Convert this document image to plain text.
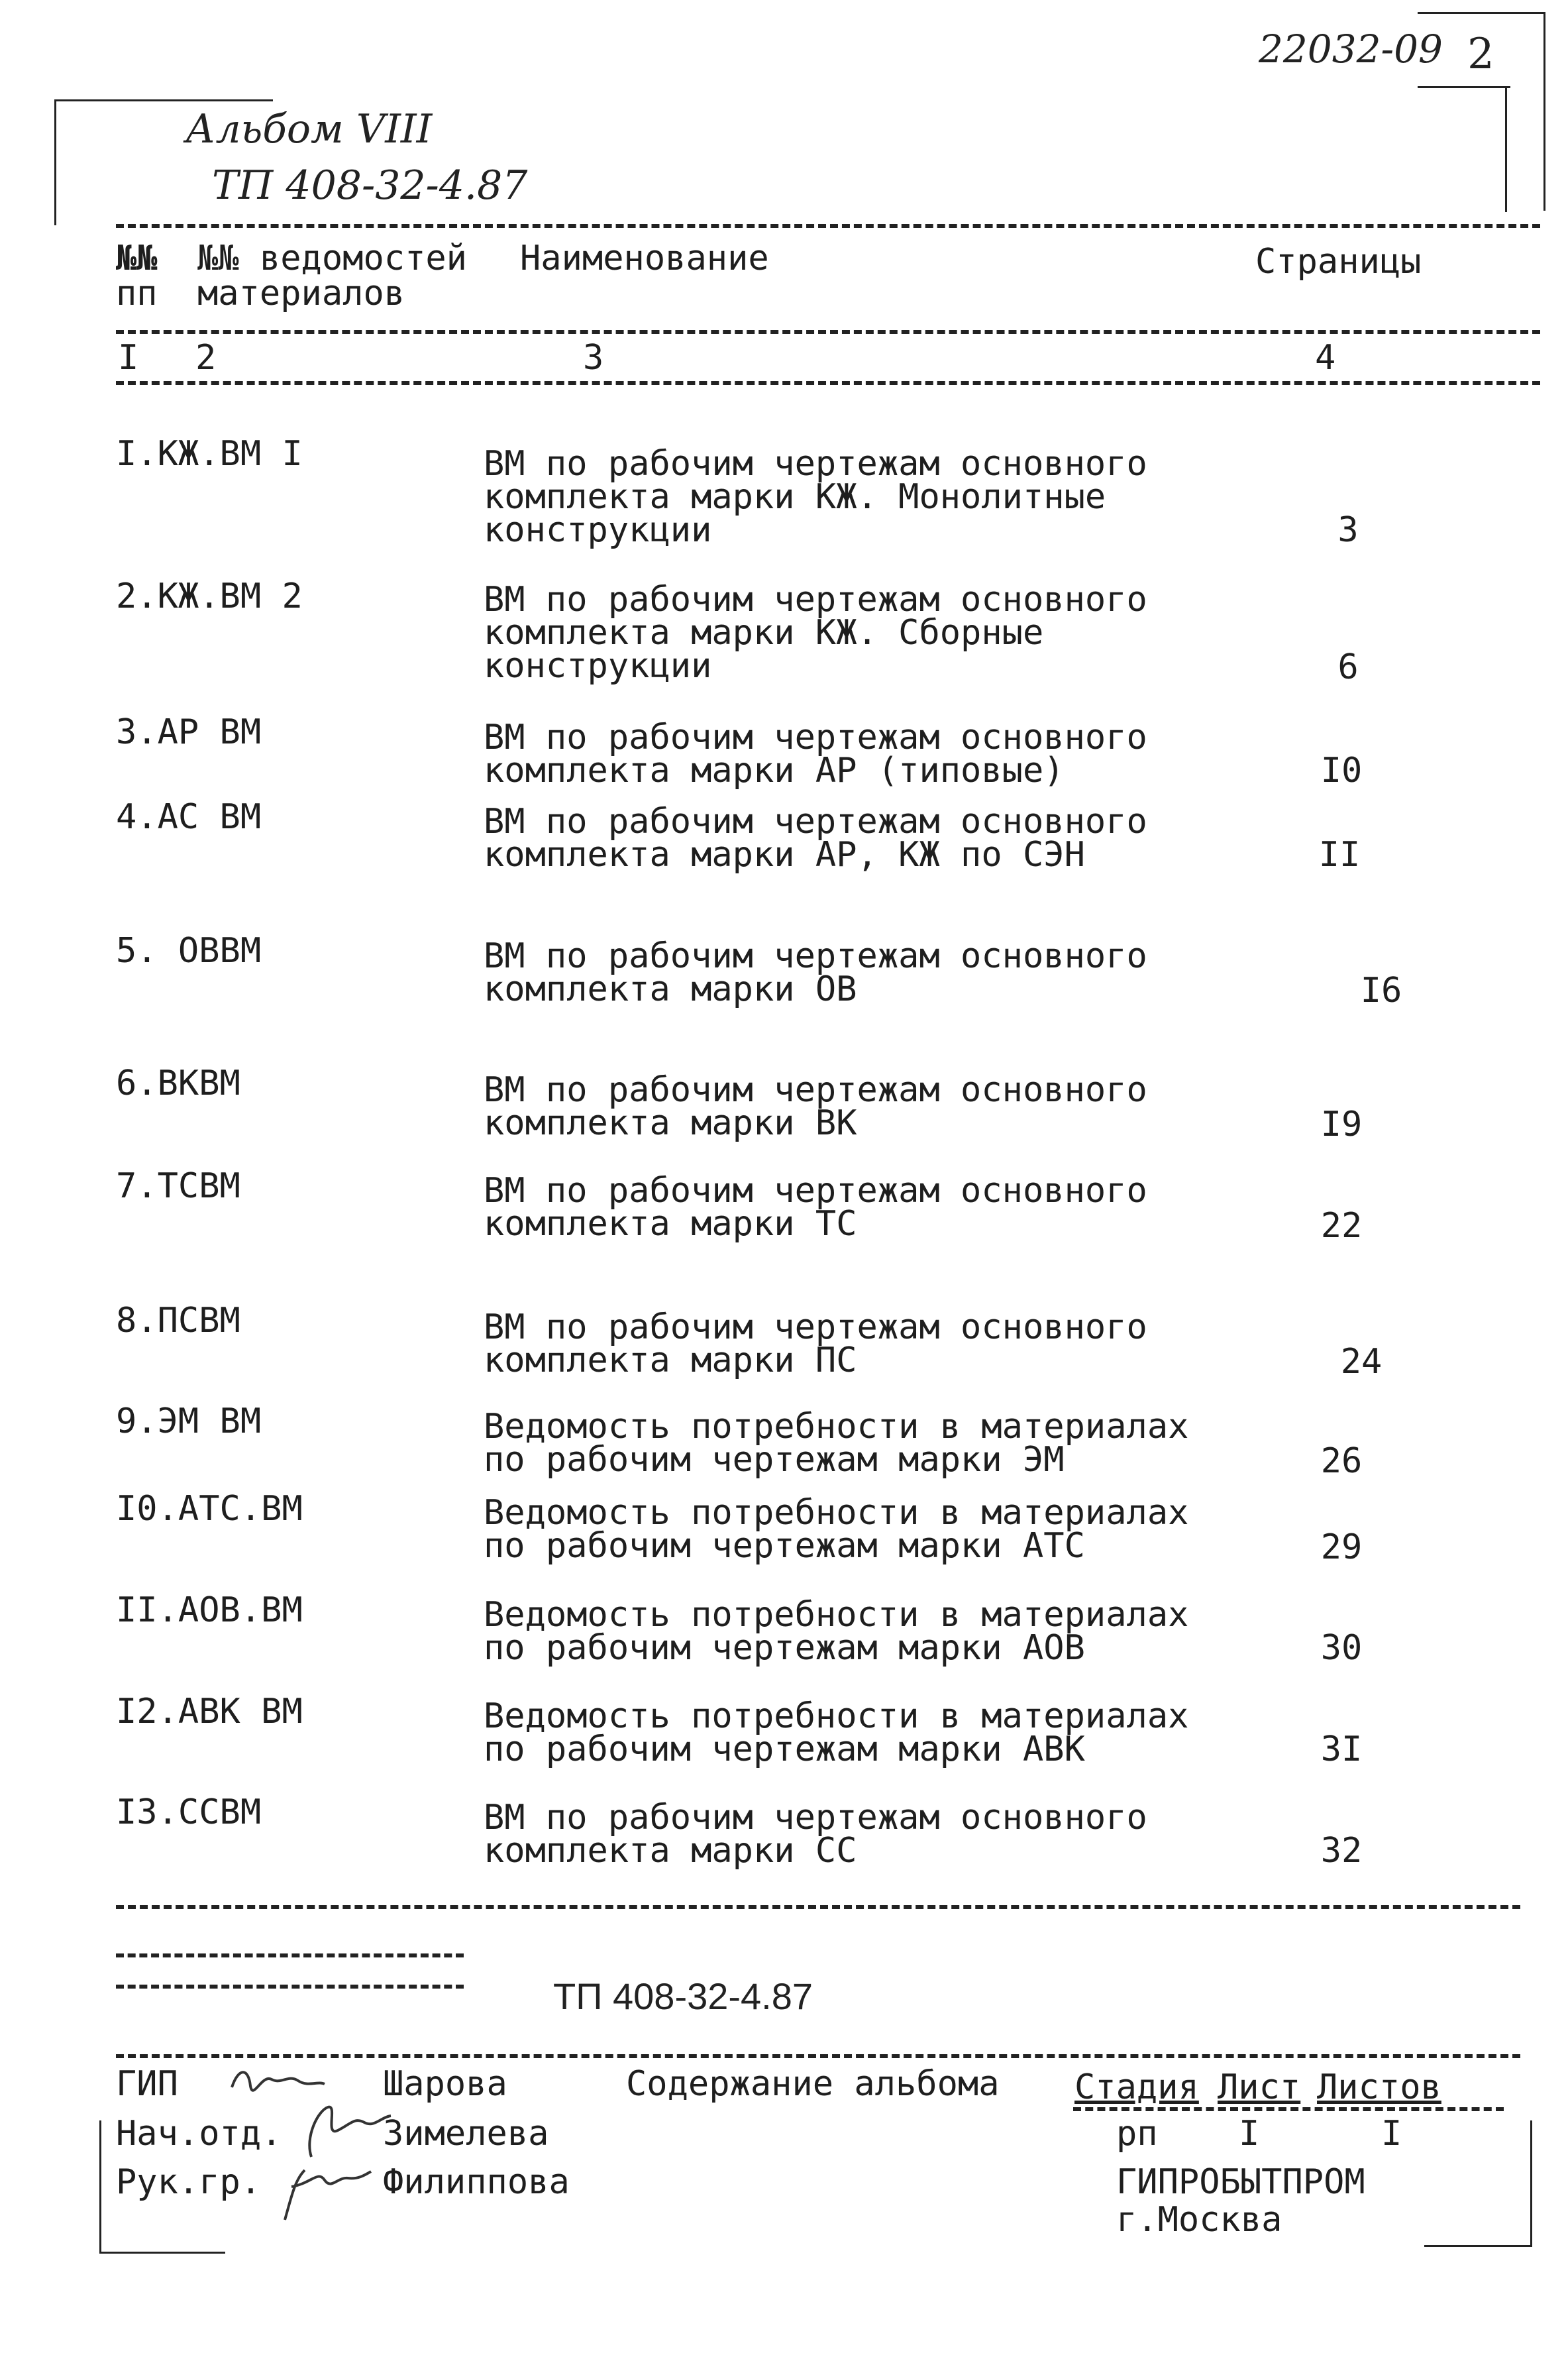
22032-09 2
Альбом VIII
ТП 408-32-4.87
№№
пп
№№ ведомостей
материалов
Наименование	Страницы
I 2	3	4
I.КЖ.ВМ I	ВМ по рабочим чертежам основного
комплекта марки КЖ. Монолитные
конструкции	3
2.КЖ.ВМ 2	ВМ по рабочим чертежам основного
комплекта марки КЖ. Сборные
конструкции	6
3.АР ВМ	ВМ по рабочим чертежам основного
комплекта марки АР (типовые)	I0
4.АС ВМ	ВМ по рабочим чертежам основного
комплекта марки АР, КЖ по СЭН	II
5. ОВВМ	ВМ по рабочим чертежам основного
комплекта марки ОВ	I6
6.ВКВМ	ВМ по рабочим чертежам основного
комплекта марки ВК	I9
7.ТСВМ	ВМ по рабочим чертежам основного
комплекта марки ТС	22
8.ПСВМ	ВМ по рабочим чертежам основного
комплекта марки ПС	24
9.ЭМ ВМ	Ведомость потребности в материалах
по рабочим чертежам марки ЭМ	26
I0.АТС.ВМ	Ведомость потребности в материалах
по рабочим чертежам марки АТС	29
II.АОВ.ВМ	Ведомость потребности в материалах
по рабочим чертежам марки АОВ	30
I2.АВК ВМ	Ведомость потребности в материалах
по рабочим чертежам марки АВК	3I
I3.ССВМ	ВМ по рабочим чертежам основного
комплекта марки СС	32
ТП 408-32-4.87
ГИП	Шарова
Нач.отд.	Зимелева
Рук.гр.	Филиппова
Содержание альбома Стадия Лист Листов
рп I	I
ГИПРОБЫТПРОМ
г.Москва
